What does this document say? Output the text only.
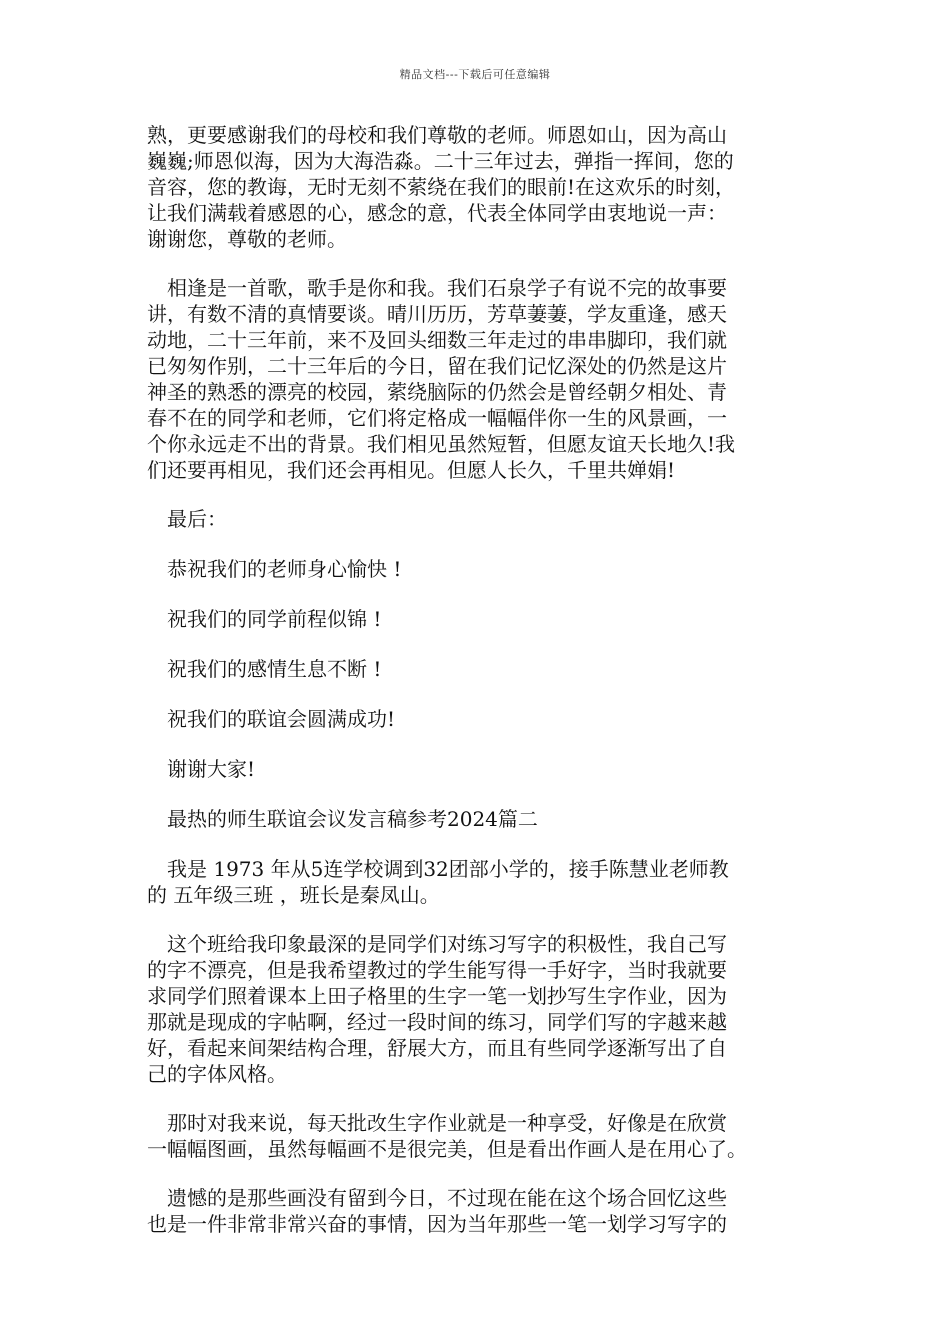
精品文档---下载后可任意编辑
熟，更要感谢我们的母校和我们尊敬的老师。师恩如山，因为高山
巍巍;师恩似海，因为大海浩淼。二十三年过去，弹指一挥间，您的
音容，您的教诲，无时无刻不萦绕在我们的眼前!在这欢乐的时刻，
让我们满载着感恩的心，感念的意，代表全体同学由衷地说一声：
谢谢您，尊敬的老师。
　相逢是一首歌，歌手是你和我。我们石泉学子有说不完的故事要
讲，有数不清的真情要谈。晴川历历，芳草萋萋，学友重逢，感天
动地，二十三年前，来不及回头细数三年走过的串串脚印，我们就
已匆匆作别，二十三年后的今日，留在我们记忆深处的仍然是这片
神圣的熟悉的漂亮的校园，萦绕脑际的仍然会是曾经朝夕相处、青
春不在的同学和老师，它们将定格成一幅幅伴你一生的风景画，一
个你永远走不出的背景。我们相见虽然短暂，但愿友谊天长地久!我
们还要再相见，我们还会再相见。但愿人长久，千里共婵娟!
最后：
恭祝我们的老师身心愉快 !
祝我们的同学前程似锦 !
祝我们的感情生息不断 !
祝我们的联谊会圆满成功!
谢谢大家!
最热的师生联谊会议发言稿参考2024篇二
　我是 1973 年从5连学校调到32团部小学的，接手陈慧业老师教
的 五年级三班 ，班长是秦凤山。
　这个班给我印象最深的是同学们对练习写字的积极性，我自己写
的字不漂亮，但是我希望教过的学生能写得一手好字，当时我就要
求同学们照着课本上田子格里的生字一笔一划抄写生字作业，因为
那就是现成的字帖啊，经过一段时间的练习，同学们写的字越来越
好，看起来间架结构合理，舒展大方，而且有些同学逐渐写出了自
己的字体风格。
　那时对我来说，每天批改生字作业就是一种享受，好像是在欣赏
一幅幅图画，虽然每幅画不是很完美，但是看出作画人是在用心了。
　遗憾的是那些画没有留到今日，不过现在能在这个场合回忆这些
也是一件非常非常兴奋的事情，因为当年那些一笔一划学习写字的
